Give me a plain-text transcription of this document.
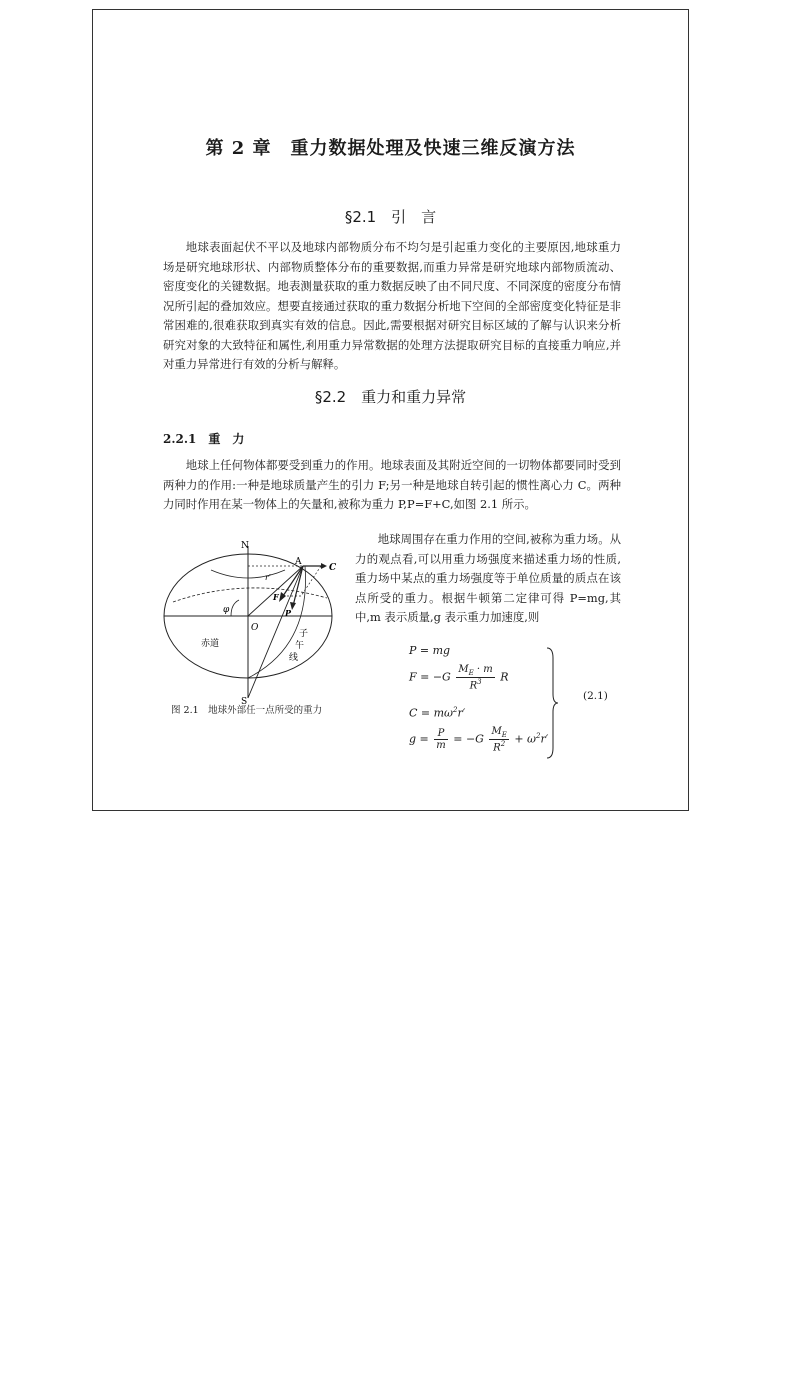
第 2 章　重力数据处理及快速三维反演方法
§2.1　引　言

地球表面起伏不平以及地球内部物质分布不均匀是引起重力变化的主要原因,地球重力场是研究地球形状、内部物质整体分布的重要数据,而重力异常是研究地球内部物质流动、密度变化的关键数据。地表测量获取的重力数据反映了由不同尺度、不同深度的密度分布情况所引起的叠加效应。想要直接通过获取的重力数据分析地下空间的全部密度变化特征是非常困难的,很难获取到真实有效的信息。因此,需要根据对研究目标区域的了解与认识来分析研究对象的大致特征和属性,利用重力异常数据的处理方法提取研究目标的直接重力响应,并对重力异常进行有效的分析与解释。

§2.2　重力和重力异常
2.2.1　重　力

地球上任何物体都要受到重力的作用。地球表面及其附近空间的一切物体都要同时受到两种力的作用:一种是地球质量产生的引力 F;另一种是地球自转引起的惯性离心力 C。两种力同时作用在某一物体上的矢量和,被称为重力 P,P=F+C,如图 2.1 所示。

N
S
A
C
F
P
O
φ
r′
赤道
子
午
线
图 2.1　地球外部任一点所受的重力

地球周围存在重力作用的空间,被称为重力场。从力的观点看,可以用重力场强度来描述重力场的性质,重力场中某点的重力场强度等于单位质量的质点在该点所受的重力。根据牛顿第二定律可得 P=mg,其中,m 表示质量,g 表示重力加速度,则

P = mg
$F = -G \frac{M_E \cdot m}{R^3}$ R
$C = m\omega^2r'$
$g = \frac{P}{m} = -G \frac{M_E}{R^2} + \omega^2r'$
(2.1)
